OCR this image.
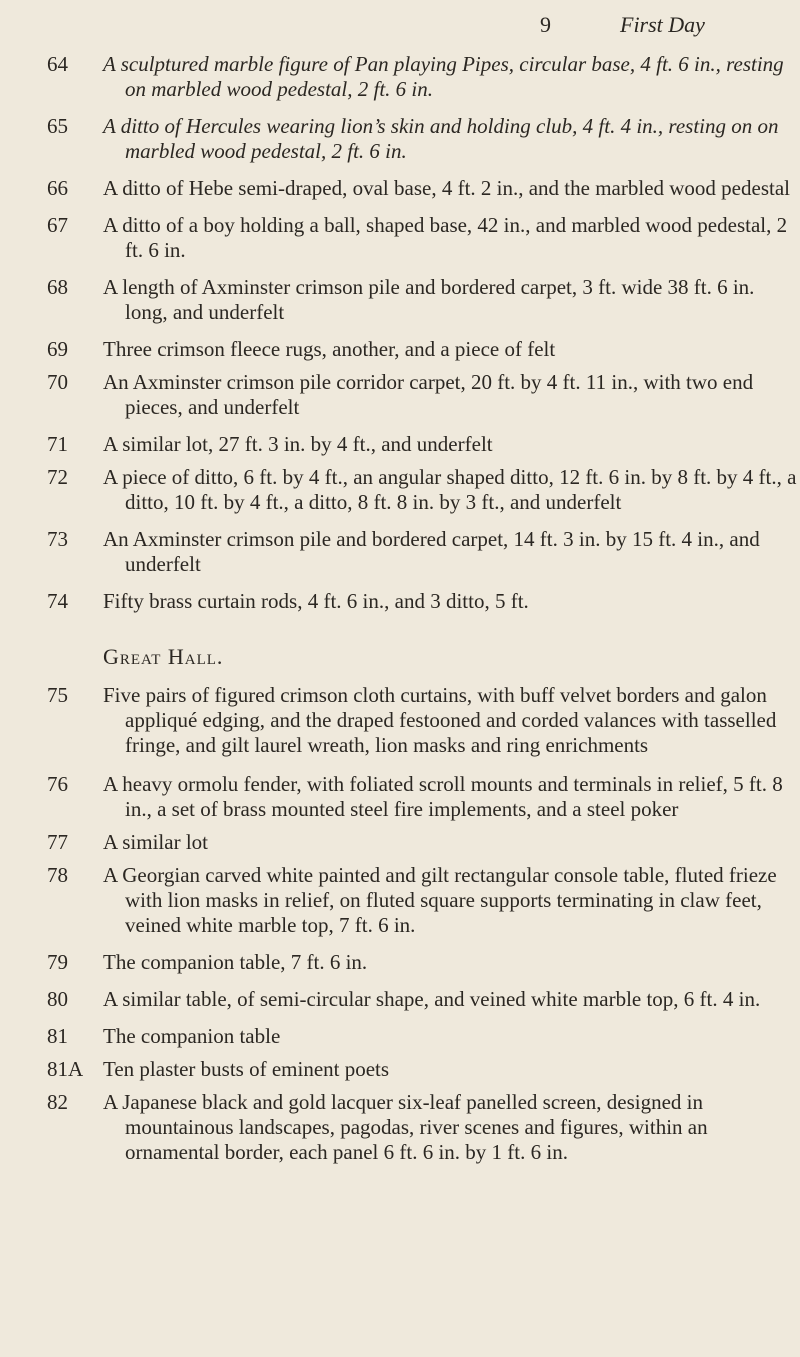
9	First Day
64	A sculptured marble figure of Pan playing Pipes, circular base, 4 ft. 6 in., resting on marbled wood pedestal, 2 ft. 6 in.
65	A ditto of Hercules wearing lion’s skin and holding club, 4 ft. 4 in., resting on on marbled wood pedestal, 2 ft. 6 in.
66	A ditto of Hebe semi-draped, oval base, 4 ft. 2 in., and the marbled wood pedestal
67	A ditto of a boy holding a ball, shaped base, 42 in., and marbled wood pedestal, 2 ft. 6 in.
68	A length of Axminster crimson pile and bordered carpet, 3 ft. wide 38 ft. 6 in. long, and underfelt
69	Three crimson fleece rugs, another, and a piece of felt
70	An Axminster crimson pile corridor carpet, 20 ft. by 4 ft. 11 in., with two end pieces, and underfelt
71	A similar lot, 27 ft. 3 in. by 4 ft., and underfelt
72	A piece of ditto, 6 ft. by 4 ft., an angular shaped ditto, 12 ft. 6 in. by 8 ft. by 4 ft., a ditto, 10 ft. by 4 ft., a ditto, 8 ft. 8 in. by 3 ft., and underfelt
73	An Axminster crimson pile and bordered carpet, 14 ft. 3 in. by 15 ft. 4 in., and underfelt
74	Fifty brass curtain rods, 4 ft. 6 in., and 3 ditto, 5 ft.
Great Hall.
75	Five pairs of figured crimson cloth curtains, with buff velvet borders and galon appliqué edging, and the draped festooned and corded valances with tasselled fringe, and gilt laurel wreath, lion masks and ring enrichments
76	A heavy ormolu fender, with foliated scroll mounts and terminals in relief, 5 ft. 8 in., a set of brass mounted steel fire implements, and a steel poker
77	A similar lot
78	A Georgian carved white painted and gilt rectangular console table, fluted frieze with lion masks in relief, on fluted square supports terminating in claw feet, veined white marble top, 7 ft. 6 in.
79	The companion table, 7 ft. 6 in.
80	A similar table, of semi-circular shape, and veined white marble top, 6 ft. 4 in.
81	The companion table
81A Ten plaster busts of eminent poets
82	A Japanese black and gold lacquer six-leaf panelled screen, designed in mountainous landscapes, pagodas, river scenes and figures, within an ornamental border, each panel 6 ft. 6 in. by 1 ft. 6 in.
